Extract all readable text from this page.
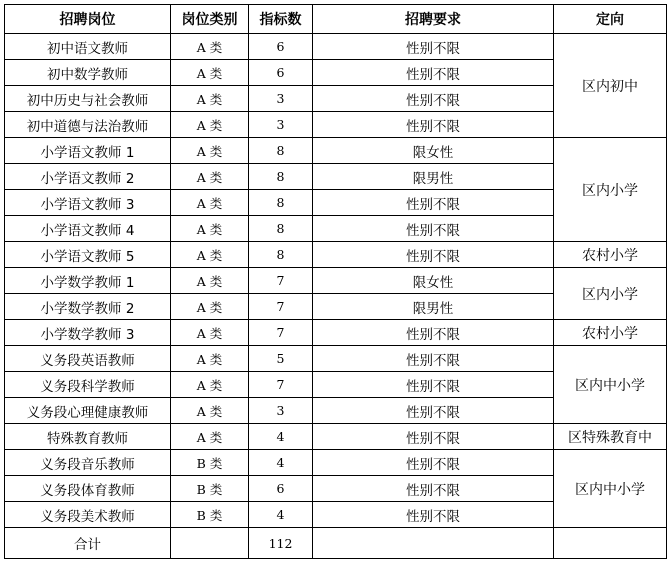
招聘岗位	岗位类别	指标数	招聘要求	定向
初中语文教师	A 类	6	性别不限	区内初中
初中数学教师	A 类	6	性别不限	
初中历史与社会教师	A 类	3	性别不限	
初中道德与法治教师	A 类	3	性别不限	
小学语文教师 1	A 类	8	限女性	区内小学
小学语文教师 2	A 类	8	限男性	
小学语文教师 3	A 类	8	性别不限	
小学语文教师 4	A 类	8	性别不限	
小学语文教师 5	A 类	8	性别不限	农村小学
小学数学教师 1	A 类	7	限女性	区内小学
小学数学教师 2	A 类	7	限男性	
小学数学教师 3	A 类	7	性别不限	农村小学
义务段英语教师	A 类	5	性别不限	区内中小学
义务段科学教师	A 类	7	性别不限	
义务段心理健康教师	A 类	3	性别不限	
特殊教育教师	A 类	4	性别不限	区特殊教育中
义务段音乐教师	B 类	4	性别不限	区内中小学
义务段体育教师	B 类	6	性别不限	
义务段美术教师	B 类	4	性别不限	
合计		112		
